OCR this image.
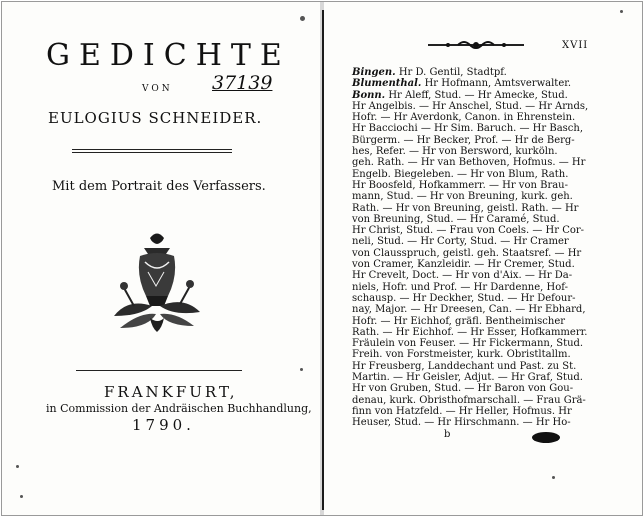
GEDICHTE
VON 37139
EULOGIUS SCHNEIDER.
Mit dem Portrait des Verfassers.
FRANKFURT,
in Commission der Andräischen Buchhandlung,
1790.
XVII
Bingen. Hr D. Gentil, Stadtpf.
Blumenthal. Hr Hofmann, Amtsverwalter.
Bonn. Hr Aleff, Stud. — Hr Amecke, Stud.
Hr Angelbis. — Hr Anschel, Stud. — Hr Arnds,
Hofr. — Hr Averdonk, Canon. in Ehrenstein.
Hr Bacciochi — Hr Sim. Baruch. — Hr Basch,
Bürgerm. — Hr Becker, Prof. — Hr de Berg-
hes, Refer. — Hr von Bersword, kurköln.
geh. Rath. — Hr van Bethoven, Hofmus. — Hr
Engelb. Biegeleben. — Hr von Blum, Rath.
Hr Boosfeld, Hofkammerr. — Hr von Brau-
mann, Stud. — Hr von Breuning, kurk. geh.
Rath. — Hr von Breuning, geistl. Rath. — Hr
von Breuning, Stud. — Hr Caramé, Stud.
Hr Christ, Stud. — Frau von Coels. — Hr Cor-
neli, Stud. — Hr Corty, Stud. — Hr Cramer
von Clausspruch, geistl. geh. Staatsref. — Hr
von Cramer, Kanzleidir. — Hr Cremer, Stud.
Hr Crevelt, Doct. — Hr von d'Aix. — Hr Da-
niels, Hofr. und Prof. — Hr Dardenne, Hof-
schausp. — Hr Deckher, Stud. — Hr Defour-
nay, Major. — Hr Dreesen, Can. — Hr Ebhard,
Hofr. — Hr Eichhof, gräfl. Bentheimischer
Rath. — Hr Eichhof. — Hr Esser, Hofkammerr.
Fräulein von Feuser. — Hr Fickermann, Stud.
Freih. von Forstmeister, kurk. Obristltallm.
Hr Freusberg, Landdechant und Past. zu St.
Martin. — Hr Geisler, Adjut. — Hr Graf, Stud.
Hr von Gruben, Stud. — Hr Baron von Gou-
denau, kurk. Obristhofmarschall. — Frau Grä-
finn von Hatzfeld. — Hr Heller, Hofmus. Hr
Heuser, Stud. — Hr Hirschmann. — Hr Ho-
b
